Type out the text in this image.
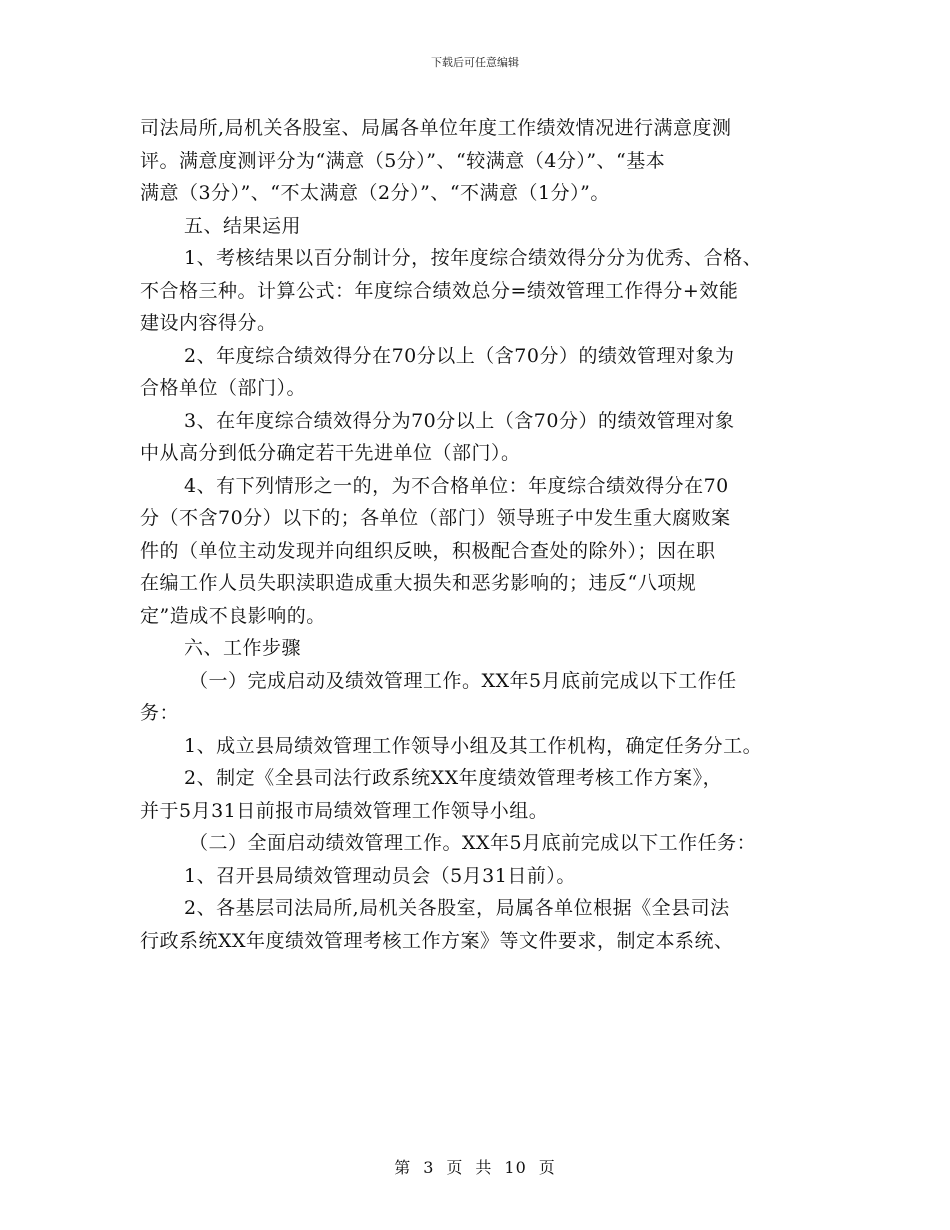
下载后可任意编辑
司法局所,局机关各股室、局属各单位年度工作绩效情况进行满意度测
评。满意度测评分为“满意（5分）”、“较满意（4分）”、“基本
满意（3分）”、“不太满意（2分）”、“不满意（1分）”。
五、结果运用
1、考核结果以百分制计分，按年度综合绩效得分分为优秀、合格、
不合格三种。计算公式：年度综合绩效总分=绩效管理工作得分+效能
建设内容得分。
2、年度综合绩效得分在70分以上（含70分）的绩效管理对象为
合格单位（部门）。
3、在年度综合绩效得分为70分以上（含70分）的绩效管理对象
中从高分到低分确定若干先进单位（部门）。
4、有下列情形之一的，为不合格单位：年度综合绩效得分在70
分（不含70分）以下的；各单位（部门）领导班子中发生重大腐败案
件的（单位主动发现并向组织反映，积极配合查处的除外）；因在职
在编工作人员失职渎职造成重大损失和恶劣影响的；违反“八项规
定”造成不良影响的。
六、工作步骤
（一）完成启动及绩效管理工作。XX年5月底前完成以下工作任
务：
1、成立县局绩效管理工作领导小组及其工作机构，确定任务分工。
2、制定《全县司法行政系统XX年度绩效管理考核工作方案》，
并于5月31日前报市局绩效管理工作领导小组。
（二）全面启动绩效管理工作。XX年5月底前完成以下工作任务：
1、召开县局绩效管理动员会（5月31日前）。
2、各基层司法局所,局机关各股室，局属各单位根据《全县司法
行政系统XX年度绩效管理考核工作方案》等文件要求，制定本系统、
第 3 页 共 10 页
